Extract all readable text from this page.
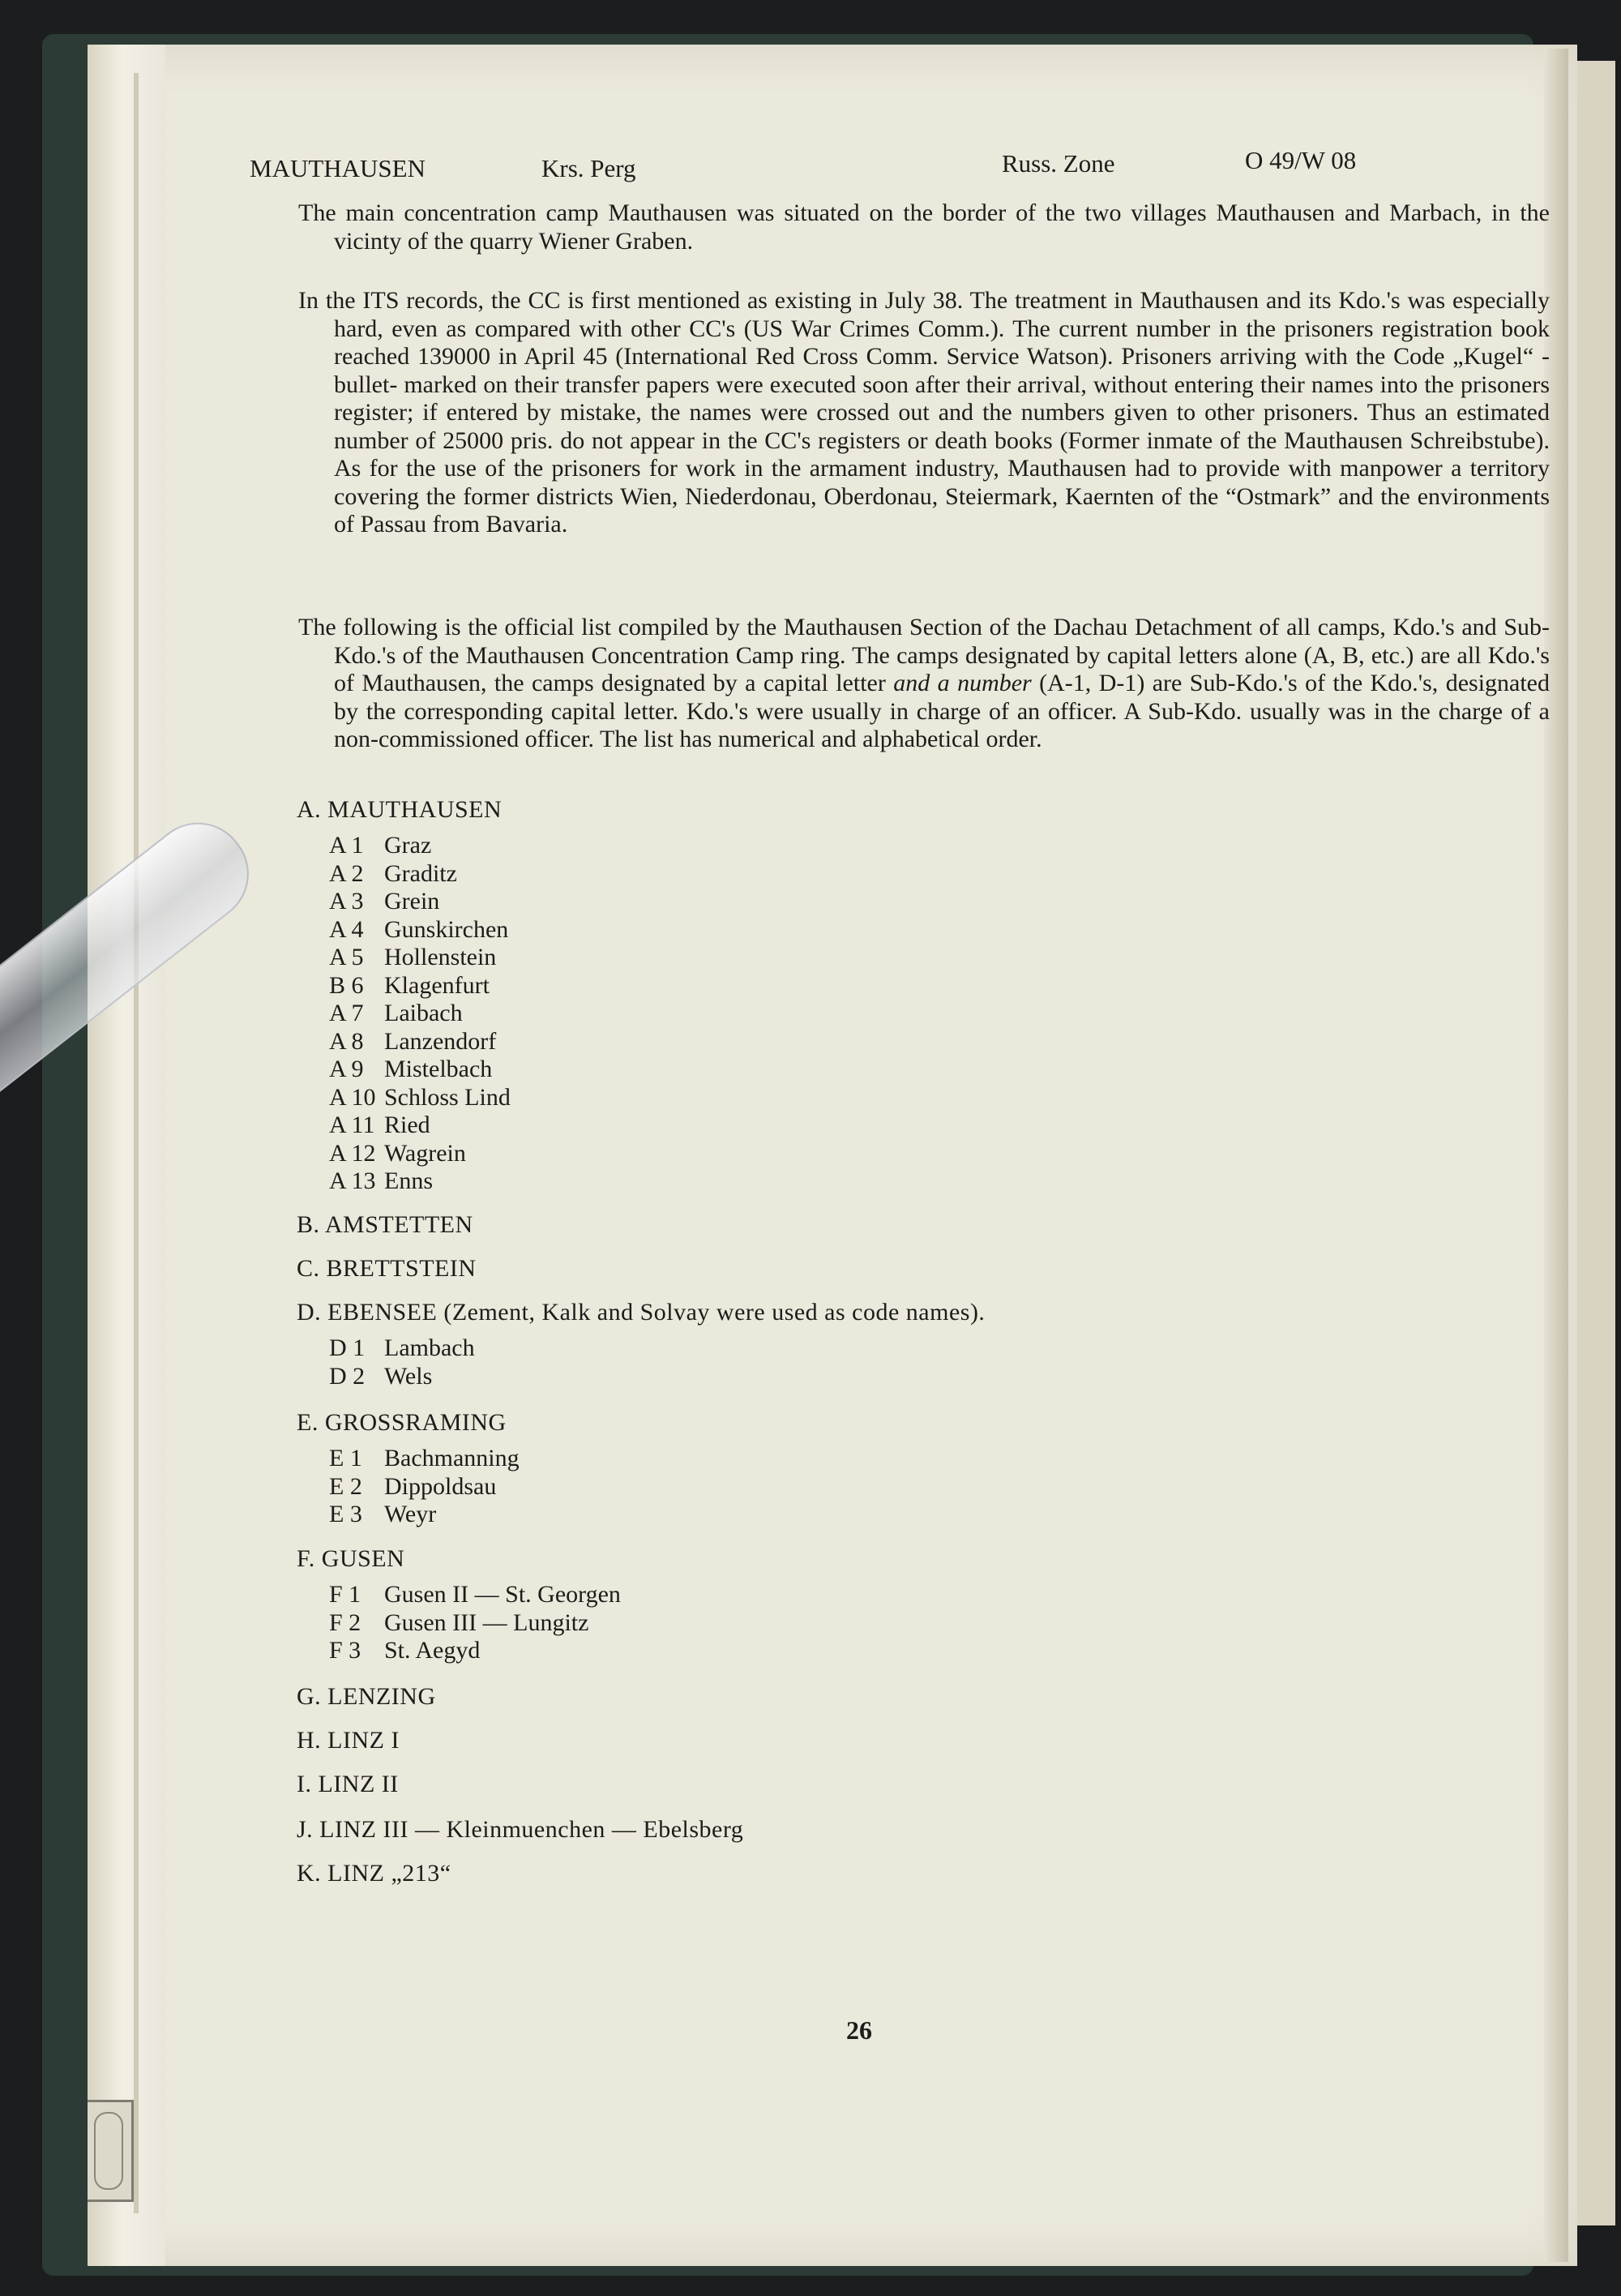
MAUTHAUSEN	Krs. Perg	Russ. Zone	O 49/W 08
The main concentration camp Mauthausen was situated on the border of the two villages Mauthausen and Marbach, in the vicinty of the quarry Wiener Graben.
In the ITS records, the CC is first mentioned as existing in July 38. The treatment in Mauthausen and its Kdo.'s was especially hard, even as compared with other CC's (US War Crimes Comm.). The current number in the prisoners registration book reached 139000 in April 45 (International Red Cross Comm. Service Watson). Prisoners arriving with the Code „Kugel“ -bullet- marked on their transfer papers were executed soon after their arrival, without entering their names into the prisoners register; if entered by mistake, the names were crossed out and the numbers given to other prisoners. Thus an estimated number of 25000 pris. do not appear in the CC's registers or death books (Former inmate of the Mauthausen Schreibstube). As for the use of the prisoners for work in the armament industry, Mauthausen had to provide with manpower a territory covering the former districts Wien, Niederdonau, Oberdonau, Steiermark, Kaernten of the “Ostmark” and the environments of Passau from Bavaria.
The following is the official list compiled by the Mauthausen Section of the Dachau Detachment of all camps, Kdo.'s and Sub-Kdo.'s of the Mauthausen Concentration Camp ring. The camps designated by capital letters alone (A, B, etc.) are all Kdo.'s of Mauthausen, the camps designated by a capital letter and a number (A-1, D-1) are Sub-Kdo.'s of the Kdo.'s, designated by the corresponding capital letter. Kdo.'s were usually in charge of an officer. A Sub-Kdo. usually was in the charge of a non-commissioned officer. The list has numerical and alphabetical order.
A. MAUTHAUSEN
A 1 Graz
A 2 Graditz
A 3 Grein
A 4 Gunskirchen
A 5 Hollenstein
B 6 Klagenfurt
A 7 Laibach
A 8 Lanzendorf
A 9 Mistelbach
A 10 Schloss Lind
A 11 Ried
A 12 Wagrein
A 13 Enns
B. AMSTETTEN
C. BRETTSTEIN
D. EBENSEE (Zement, Kalk and Solvay were used as code names).
D 1 Lambach
D 2 Wels
E. GROSSRAMING
E 1 Bachmanning
E 2 Dippoldsau
E 3 Weyr
F. GUSEN
F 1 Gusen II — St. Georgen
F 2 Gusen III — Lungitz
F 3 St. Aegyd
G. LENZING
H. LINZ I
I. LINZ II
J. LINZ III — Kleinmuenchen — Ebelsberg
K. LINZ „213“
26
